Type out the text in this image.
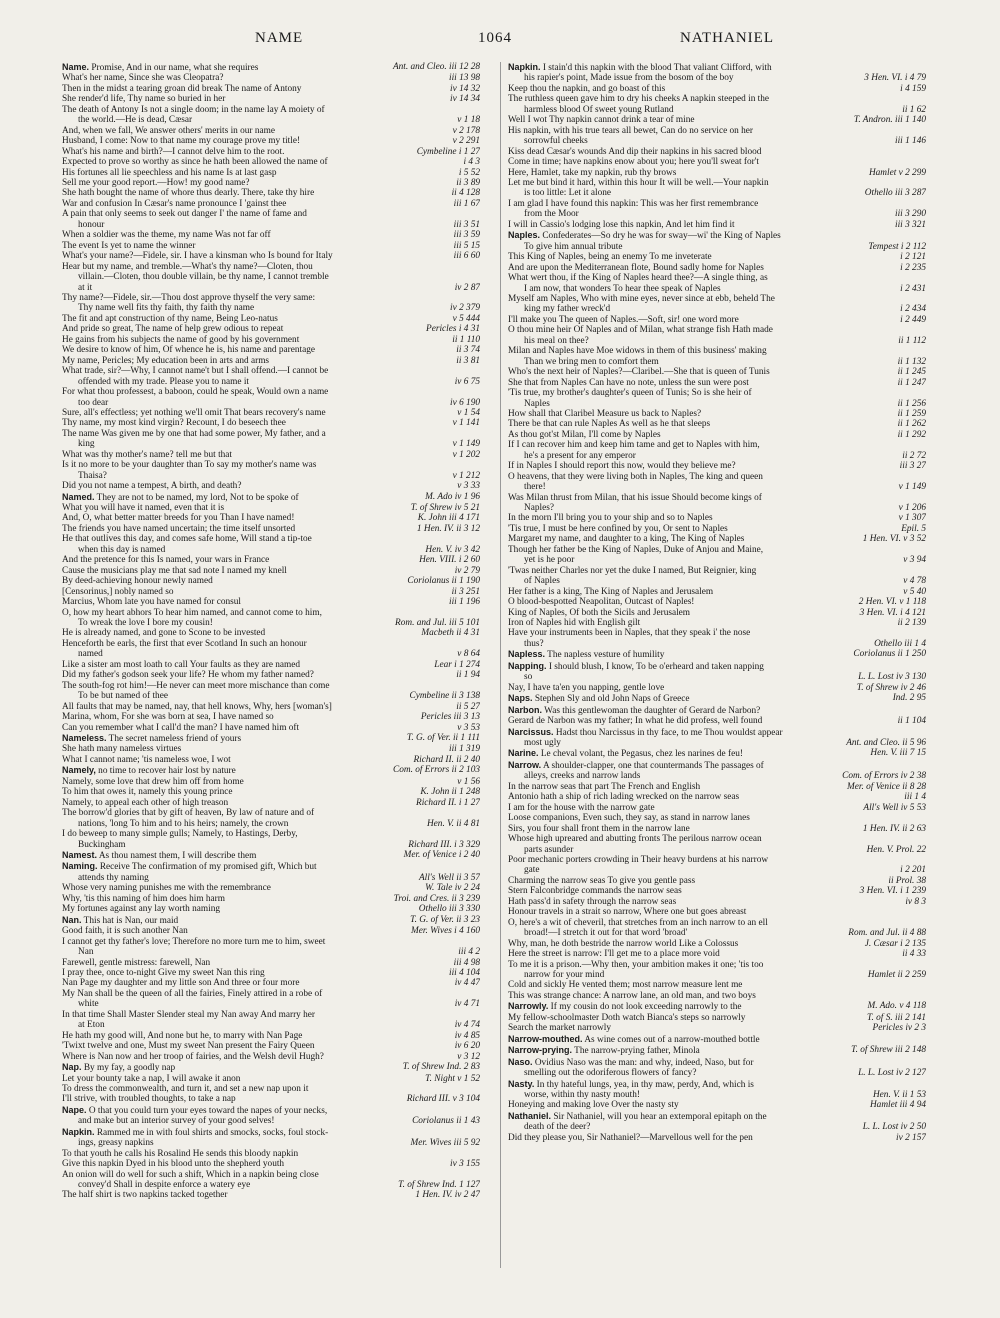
NAME	1064	NATHANIEL
Name. Promise, And in our name, what she requires	Ant. and Cleo. iii 12 28
What's her name, Since she was Cleopatra?	iii 13 98
Then in the midst a tearing groan did break The name of Antony	iv 14 32
She render'd life, Thy name so buried in her	iv 14 34
The death of Antony Is not a single doom; in the name lay A moiety of
the world.—He is dead, Cæsar	v 1 18
And, when we fall, We answer others' merits in our name	v 2 178
Husband, I come: Now to that name my courage prove my title!	v 2 291
What's his name and birth?—I cannot delve him to the root.	Cymbeline i 1 27
Expected to prove so worthy as since he hath been allowed the name of	i 4 3
His fortunes all lie speechless and his name Is at last gasp	i 5 52
Sell me your good report.—How! my good name?	ii 3 89
She hath bought the name of whore thus dearly. There, take thy hire	ii 4 128
War and confusion In Cæsar's name pronounce I 'gainst thee	iii 1 67
A pain that only seems to seek out danger I' the name of fame and
honour	iii 3 51
When a soldier was the theme, my name Was not far off	iii 3 59
The event Is yet to name the winner	iii 5 15
What's your name?—Fidele, sir. I have a kinsman who Is bound for Italy	iii 6 60
Hear but my name, and tremble.—What's thy name?—Cloten, thou
villain.—Cloten, thou double villain, be thy name, I cannot tremble
at it	iv 2 87
Thy name?—Fidele, sir.—Thou dost approve thyself the very same:
Thy name well fits thy faith, thy faith thy name	iv 2 379
The fit and apt construction of thy name, Being Leo-natus	v 5 444
And pride so great, The name of help grew odious to repeat	Pericles i 4 31
He gains from his subjects the name of good by his government	ii 1 110
We desire to know of him, Of whence he is, his name and parentage	ii 3 74
My name, Pericles; My education been in arts and arms	ii 3 81
What trade, sir?—Why, I cannot name't but I shall offend.—I cannot be
offended with my trade. Please you to name it	iv 6 75
For what thou professest, a baboon, could he speak, Would own a name
too dear	iv 6 190
Sure, all's effectless; yet nothing we'll omit That bears recovery's name	v 1 54
Thy name, my most kind virgin? Recount, I do beseech thee	v 1 141
The name Was given me by one that had some power, My father, and a
king	v 1 149
What was thy mother's name? tell me but that	v 1 202
Is it no more to be your daughter than To say my mother's name was
Thaisa?	v 1 212
Did you not name a tempest, A birth, and death?	v 3 33
Named. They are not to be named, my lord, Not to be spoke of	M. Ado iv 1 96
What you will have it named, even that it is	T. of Shrew iv 5 21
And, O, what better matter breeds for you Than I have named!	K. John iii 4 171
The friends you have named uncertain; the time itself unsorted	1 Hen. IV. ii 3 12
He that outlives this day, and comes safe home, Will stand a tip-toe
when this day is named	Hen. V. iv 3 42
And the pretence for this Is named, your wars in France	Hen. VIII. i 2 60
Cause the musicians play me that sad note I named my knell	iv 2 79
By deed-achieving honour newly named	Coriolanus ii 1 190
[Censorinus,] nobly named so	ii 3 251
Marcius, Whom late you have named for consul	iii 1 196
O, how my heart abhors To hear him named, and cannot come to him,
To wreak the love I bore my cousin!	Rom. and Jul. iii 5 101
He is already named, and gone to Scone to be invested	Macbeth ii 4 31
Henceforth be earls, the first that ever Scotland In such an honour
named	v 8 64
Like a sister am most loath to call Your faults as they are named	Lear i 1 274
Did my father's godson seek your life? He whom my father named?	ii 1 94
The south-fog rot him!—He never can meet more mischance than come
To be but named of thee	Cymbeline ii 3 138
All faults that may be named, nay, that hell knows, Why, hers [woman's]	ii 5 27
Marina, whom, For she was born at sea, I have named so	Pericles iii 3 13
Can you remember what I call'd the man? I have named him oft	v 3 53
Nameless. The secret nameless friend of yours	T. G. of Ver. ii 1 111
She hath many nameless virtues	iii 1 319
What I cannot name; 'tis nameless woe, I wot	Richard II. ii 2 40
Namely, no time to recover hair lost by nature	Com. of Errors ii 2 103
Namely, some love that drew him off from home	v 1 56
To him that owes it, namely this young prince	K. John ii 1 248
Namely, to appeal each other of high treason	Richard II. i 1 27
The borrow'd glories that by gift of heaven, By law of nature and of
nations, 'long To him and to his heirs; namely, the crown	Hen. V. ii 4 81
I do beweep to many simple gulls; Namely, to Hastings, Derby,
Buckingham	Richard III. i 3 329
Namest. As thou namest them, I will describe them	Mer. of Venice i 2 40
Naming. Receive The confirmation of my promised gift, Which but
attends thy naming	All's Well ii 3 57
Whose very naming punishes me with the remembrance	W. Tale iv 2 24
Why, 'tis this naming of him does him harm	Troi. and Cres. ii 3 239
My fortunes against any lay worth naming	Othello iii 3 330
Nan. This hat is Nan, our maid	T. G. of Ver. ii 3 23
Good faith, it is such another Nan	Mer. Wives i 4 160
I cannot get thy father's love; Therefore no more turn me to him, sweet
Nan	iii 4 2
Farewell, gentle mistress: farewell, Nan	iii 4 98
I pray thee, once to-night Give my sweet Nan this ring	iii 4 104
Nan Page my daughter and my little son And three or four more	iv 4 47
My Nan shall be the queen of all the fairies, Finely attired in a robe of
white	iv 4 71
In that time Shall Master Slender steal my Nan away And marry her
at Eton	iv 4 74
He hath my good will, And none but he, to marry with Nan Page	iv 4 85
'Twixt twelve and one, Must my sweet Nan present the Fairy Queen	iv 6 20
Where is Nan now and her troop of fairies, and the Welsh devil Hugh?	v 3 12
Nap. By my fay, a goodly nap	T. of Shrew Ind. 2 83
Let your bounty take a nap, I will awake it anon	T. Night v 1 52
To dress the commonwealth, and turn it, and set a new nap upon it
I'll strive, with troubled thoughts, to take a nap	Richard III. v 3 104
Nape. O that you could turn your eyes toward the napes of your necks,
and make but an interior survey of your good selves!	Coriolanus ii 1 43
Napkin. Rammed me in with foul shirts and smocks, socks, foul stock-
ings, greasy napkins	Mer. Wives iii 5 92
To that youth he calls his Rosalind He sends this bloody napkin
Give this napkin Dyed in his blood unto the shepherd youth	iv 3 155
An onion will do well for such a shift, Which in a napkin being close
convey'd Shall in despite enforce a watery eye	T. of Shrew Ind. 1 127
The half shirt is two napkins tacked together	1 Hen. IV. iv 2 47
Napkin. I stain'd this napkin with the blood That valiant Clifford, with
his rapier's point, Made issue from the bosom of the boy	3 Hen. VI. i 4 79
Keep thou the napkin, and go boast of this	i 4 159
The ruthless queen gave him to dry his cheeks A napkin steeped in the
harmless blood Of sweet young Rutland	ii 1 62
Well I wot Thy napkin cannot drink a tear of mine	T. Andron. iii 1 140
His napkin, with his true tears all bewet, Can do no service on her
sorrowful cheeks	iii 1 146
Kiss dead Cæsar's wounds And dip their napkins in his sacred blood
Come in time; have napkins enow about you; here you'll sweat for't
Here, Hamlet, take my napkin, rub thy brows	Hamlet v 2 299
Let me but bind it hard, within this hour It will be well.—Your napkin
is too little: Let it alone	Othello iii 3 287
I am glad I have found this napkin: This was her first remembrance
from the Moor	iii 3 290
I will in Cassio's lodging lose this napkin, And let him find it	iii 3 321
Naples. Confederates—So dry he was for sway—wi' the King of Naples
To give him annual tribute	Tempest i 2 112
This King of Naples, being an enemy To me inveterate	i 2 121
And are upon the Mediterranean flote, Bound sadly home for Naples	i 2 235
What wert thou, if the King of Naples heard thee?—A single thing, as
I am now, that wonders To hear thee speak of Naples	i 2 431
Myself am Naples, Who with mine eyes, never since at ebb, beheld The
king my father wreck'd	i 2 434
I'll make you The queen of Naples.—Soft, sir! one word more	i 2 449
O thou mine heir Of Naples and of Milan, what strange fish Hath made
his meal on thee?	ii 1 112
Milan and Naples have Moe widows in them of this business' making
Than we bring men to comfort them	ii 1 132
Who's the next heir of Naples?—Claribel.—She that is queen of Tunis	ii 1 245
She that from Naples Can have no note, unless the sun were post	ii 1 247
'Tis true, my brother's daughter's queen of Tunis; So is she heir of
Naples	ii 1 256
How shall that Claribel Measure us back to Naples?	ii 1 259
There be that can rule Naples As well as he that sleeps	ii 1 262
As thou got'st Milan, I'll come by Naples	ii 1 292
If I can recover him and keep him tame and get to Naples with him,
he's a present for any emperor	ii 2 72
If in Naples I should report this now, would they believe me?	iii 3 27
O heavens, that they were living both in Naples, The king and queen
there!	v 1 149
Was Milan thrust from Milan, that his issue Should become kings of
Naples?	v 1 206
In the morn I'll bring you to your ship and so to Naples	v 1 307
'Tis true, I must be here confined by you, Or sent to Naples	Epil. 5
Margaret my name, and daughter to a king, The King of Naples	1 Hen. VI. v 3 52
Though her father be the King of Naples, Duke of Anjou and Maine,
yet is he poor	v 3 94
'Twas neither Charles nor yet the duke I named, But Reignier, king
of Naples	v 4 78
Her father is a king, The King of Naples and Jerusalem	v 5 40
O blood-bespotted Neapolitan, Outcast of Naples!	2 Hen. VI. v 1 118
King of Naples, Of both the Sicils and Jerusalem	3 Hen. VI. i 4 121
Iron of Naples hid with English gilt	ii 2 139
Have your instruments been in Naples, that they speak i' the nose
thus?	Othello iii 1 4
Napless. The napless vesture of humility	Coriolanus ii 1 250
Napping. I should blush, I know, To be o'erheard and taken napping
so	L. L. Lost iv 3 130
Nay, I have ta'en you napping, gentle love	T. of Shrew iv 2 46
Naps. Stephen Sly and old John Naps of Greece	Ind. 2 95
Narbon. Was this gentlewoman the daughter of Gerard de Narbon?
Gerard de Narbon was my father; In what he did profess, well found	ii 1 104
Narcissus. Hadst thou Narcissus in thy face, to me Thou wouldst appear
most ugly	Ant. and Cleo. ii 5 96
Narine. Le cheval volant, the Pegasus, chez les narines de feu!	Hen. V. iii 7 15
Narrow. A shoulder-clapper, one that countermands The passages of
alleys, creeks and narrow lands	Com. of Errors iv 2 38
In the narrow seas that part The French and English	Mer. of Venice ii 8 28
Antonio hath a ship of rich lading wrecked on the narrow seas	iii 1 4
I am for the house with the narrow gate	All's Well iv 5 53
Loose companions, Even such, they say, as stand in narrow lanes
Sirs, you four shall front them in the narrow lane	1 Hen. IV. ii 2 63
Whose high upreared and abutting fronts The perilous narrow ocean
parts asunder	Hen. V. Prol. 22
Poor mechanic porters crowding in Their heavy burdens at his narrow
gate	i 2 201
Charming the narrow seas To give you gentle pass	ii Prol. 38
Stern Falconbridge commands the narrow seas	3 Hen. VI. i 1 239
Hath pass'd in safety through the narrow seas	iv 8 3
Honour travels in a strait so narrow, Where one but goes abreast
O, here's a wit of cheveril, that stretches from an inch narrow to an ell
broad!—I stretch it out for that word 'broad'	Rom. and Jul. ii 4 88
Why, man, he doth bestride the narrow world Like a Colossus	J. Cæsar i 2 135
Here the street is narrow: I'll get me to a place more void	ii 4 33
To me it is a prison.—Why then, your ambition makes it one; 'tis too
narrow for your mind	Hamlet ii 2 259
Cold and sickly He vented them; most narrow measure lent me
This was strange chance: A narrow lane, an old man, and two boys
Narrowly. If my cousin do not look exceeding narrowly to the	M. Ado. v 4 118
My fellow-schoolmaster Doth watch Bianca's steps so narrowly	T. of S. iii 2 141
Search the market narrowly	Pericles iv 2 3
Narrow-mouthed. As wine comes out of a narrow-mouthed bottle
Narrow-prying. The narrow-prying father, Minola	T. of Shrew iii 2 148
Naso. Ovidius Naso was the man: and why, indeed, Naso, but for
smelling out the odoriferous flowers of fancy?	L. L. Lost iv 2 127
Nasty. In thy hateful lungs, yea, in thy maw, perdy, And, which is
worse, within thy nasty mouth!	Hen. V. ii 1 53
Honeying and making love Over the nasty sty	Hamlet iii 4 94
Nathaniel. Sir Nathaniel, will you hear an extemporal epitaph on the
death of the deer?	L. L. Lost iv 2 50
Did they please you, Sir Nathaniel?—Marvellous well for the pen	iv 2 157
